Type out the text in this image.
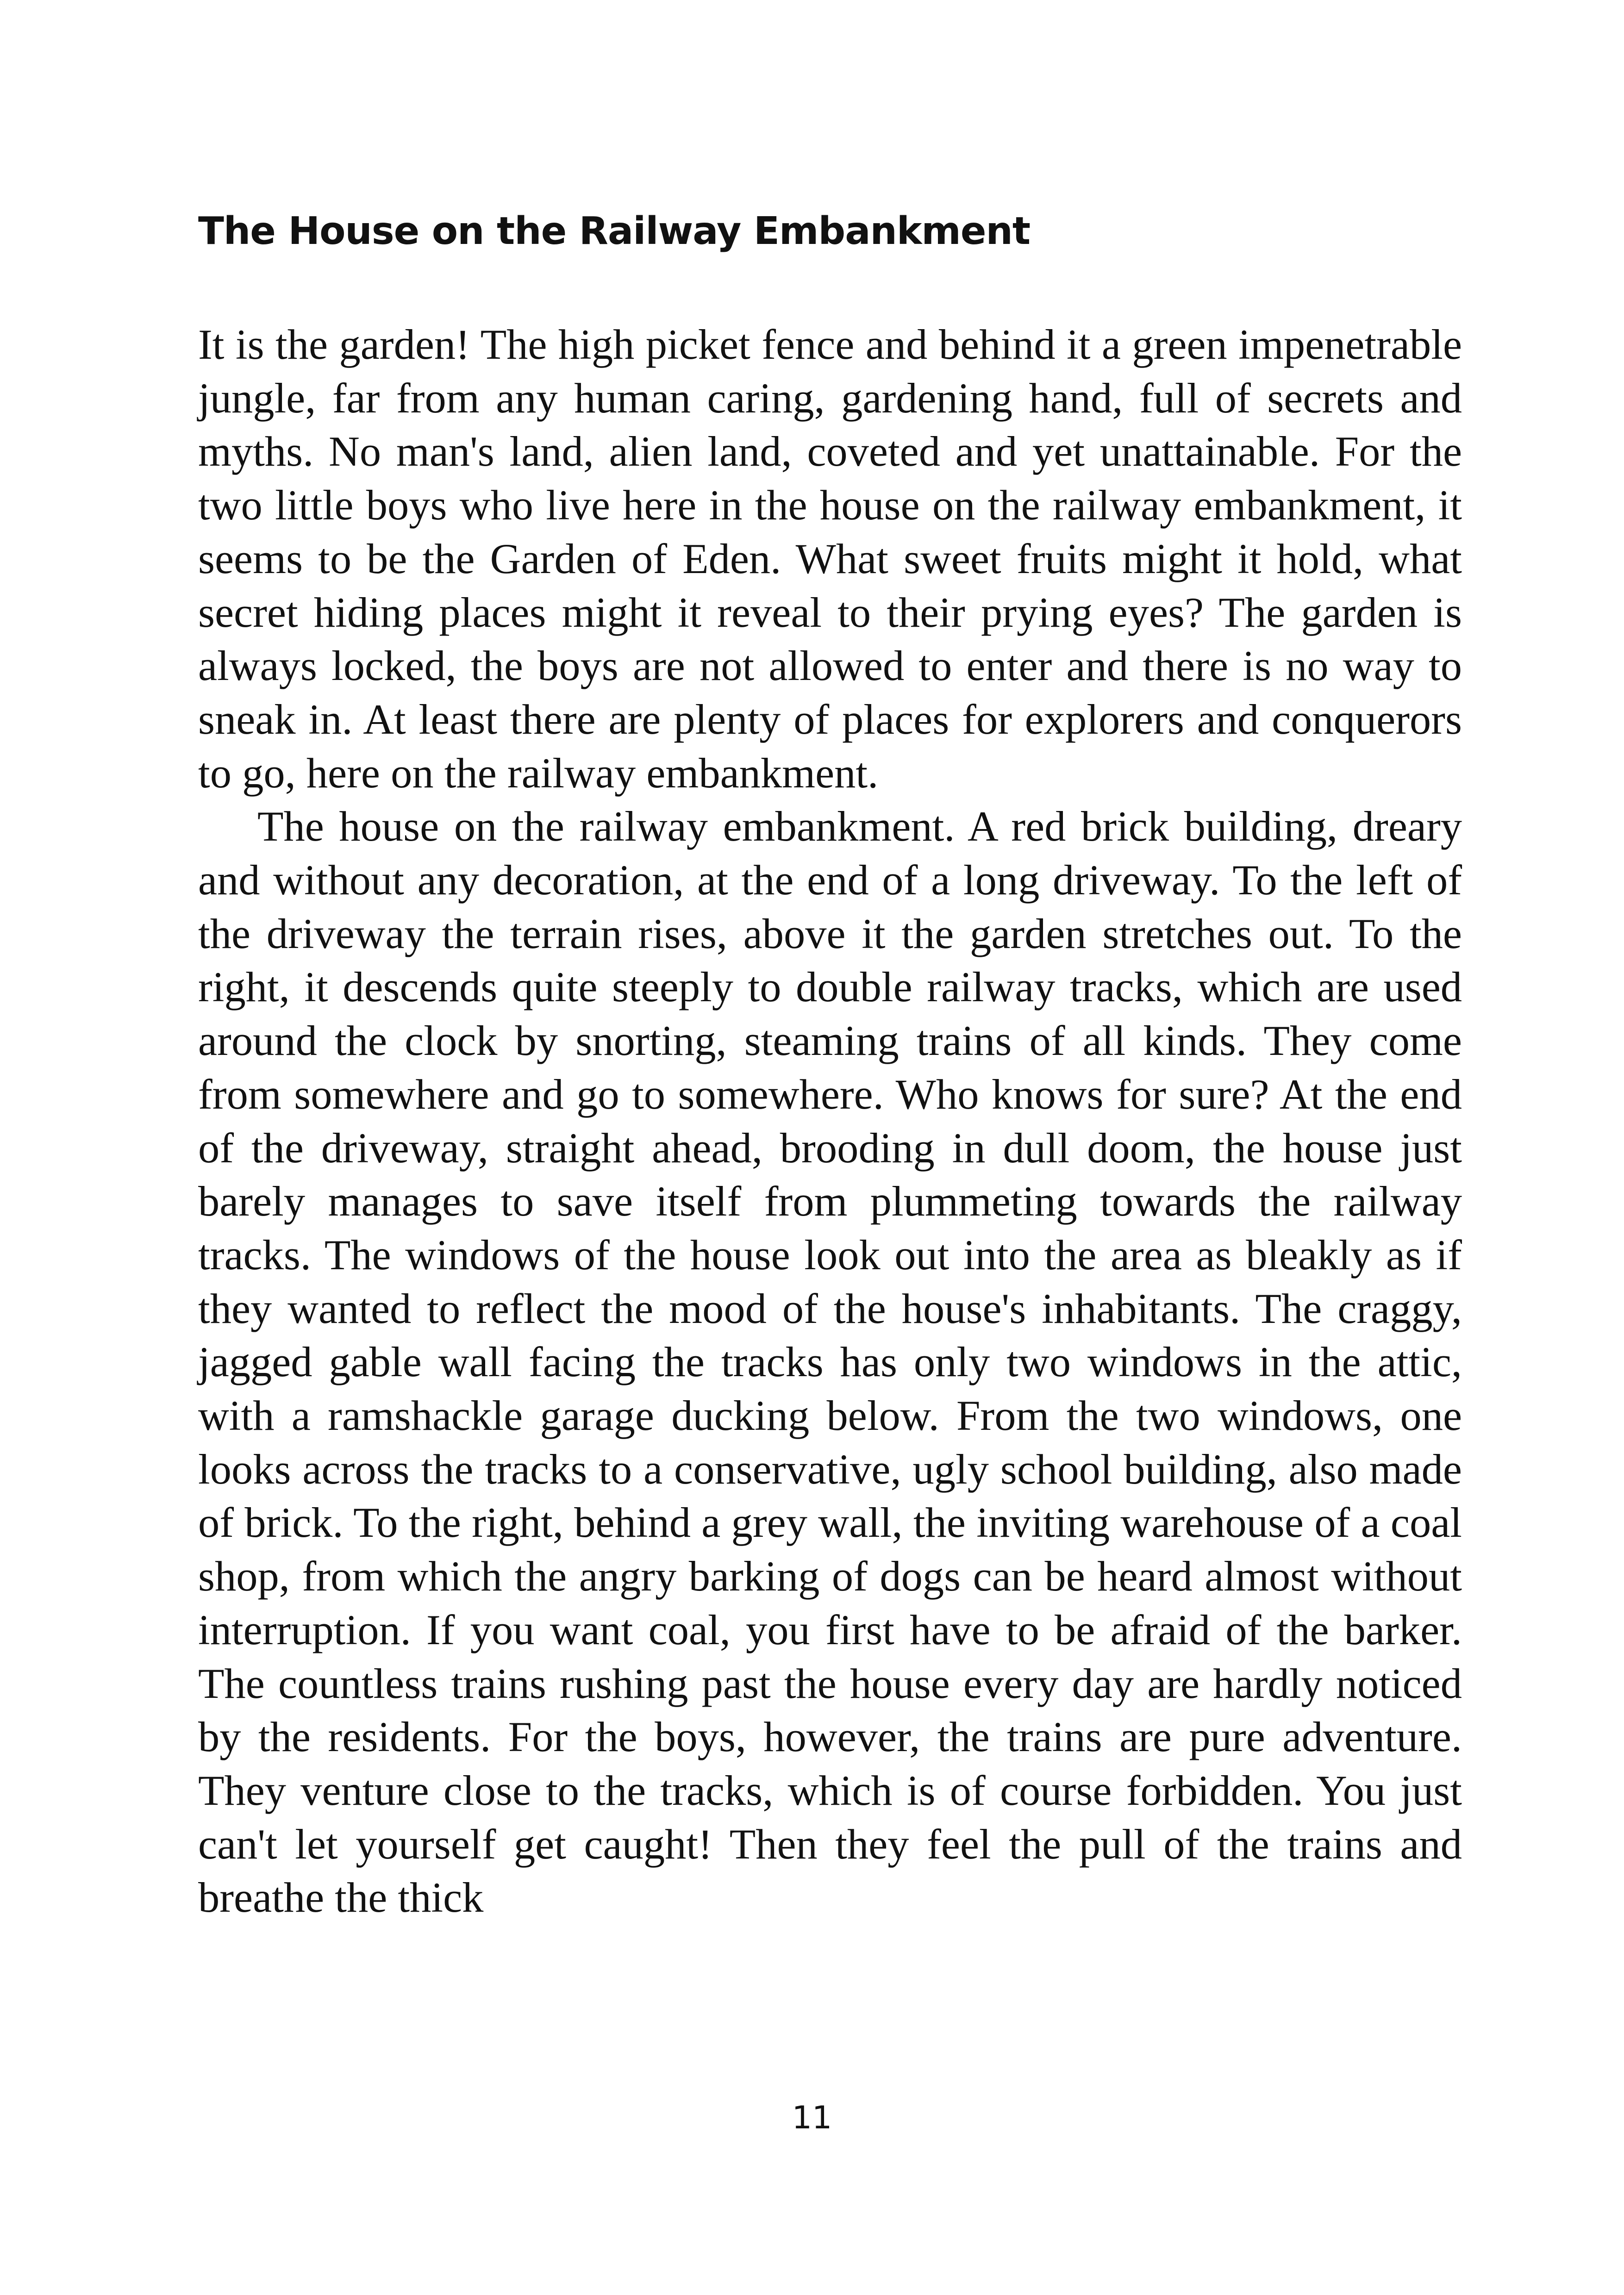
The House on the Railway Embankment

It is the garden! The high picket fence and behind it a green impenetrable jungle, far from any human caring, gardening hand, full of secrets and myths. No man's land, alien land, coveted and yet unattainable. For the two little boys who live here in the house on the railway embankment, it seems to be the Garden of Eden. What sweet fruits might it hold, what secret hiding places might it reveal to their prying eyes? The garden is always locked, the boys are not allowed to enter and there is no way to sneak in. At least there are plenty of places for explorers and conquerors to go, here on the railway embankment.

The house on the railway embankment. A red brick building, dreary and without any decoration, at the end of a long driveway. To the left of the driveway the terrain rises, above it the garden stretches out. To the right, it descends quite steeply to double railway tracks, which are used around the clock by snorting, steaming trains of all kinds. They come from somewhere and go to somewhere. Who knows for sure? At the end of the driveway, straight ahead, brooding in dull doom, the house just barely manages to save itself from plummeting towards the railway tracks. The windows of the house look out into the area as bleakly as if they wanted to reflect the mood of the house's inhabitants. The craggy, jagged gable wall facing the tracks has only two windows in the attic, with a ramshackle garage ducking below. From the two windows, one looks across the tracks to a conservative, ugly school building, also made of brick. To the right, behind a grey wall, the inviting warehouse of a coal shop, from which the angry barking of dogs can be heard almost without interruption. If you want coal, you first have to be afraid of the barker. The countless trains rushing past the house every day are hardly noticed by the residents. For the boys, however, the trains are pure adventure. They venture close to the tracks, which is of course forbidden. You just can't let yourself get caught! Then they feel the pull of the trains and breathe the thick

11
